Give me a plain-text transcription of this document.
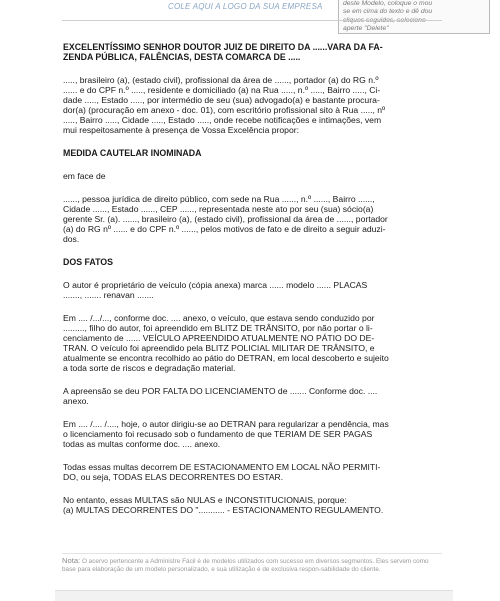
COLE AQUI A LOGO DA SUA EMPRESA	deste Modelo, coloque o mou
se em cima do texto e dê dou
cliques seguidos, selecione
aperte "Delete"

EXCELENTÍSSIMO SENHOR DOUTOR JUIZ DE DIREITO DA ......VARA DA FA-
ZENDA PÚBLICA, FALÊNCIAS, DESTA COMARCA DE .....

....., brasileiro (a), (estado civil), profissional da área de ......, portador (a) do RG n.º
...... e do CPF n.º ....., residente e domiciliado (a) na Rua ....., n.º ....., Bairro ....., Ci-
dade ....., Estado ....., por intermédio de seu (sua) advogado(a) e bastante procura-
dor(a) (procuração em anexo - doc. 01), com escritório profissional sito à Rua ....., nº
....., Bairro ....., Cidade ....., Estado ....., onde recebe notificações e intimações, vem
mui respeitosamente à presença de Vossa Excelência propor:

MEDIDA CAUTELAR INOMINADA

em face de

......, pessoa jurídica de direito público, com sede na Rua ......, n.º ......, Bairro ......,
Cidade ......, Estado ......, CEP ......, representada neste ato por seu (sua) sócio(a)
gerente Sr. (a). ......, brasileiro (a), (estado civil), profissional da área de ......, portador
(a) do RG nº ...... e do CPF n.º ......, pelos motivos de fato e de direito a seguir aduzi-
dos.

DOS FATOS

O autor é proprietário de veículo (cópia anexa) marca ...... modelo ...... PLACAS
......., ....... renavan .......

Em .... /.../..., conforme doc. .... anexo, o veículo, que estava sendo conduzido por
........., filho do autor, foi apreendido em BLITZ DE TRÂNSITO, por não portar o li-
cenciamento de ...... VEÍCULO APREENDIDO ATUALMENTE NO PÁTIO DO DE-
TRAN. O veículo foi apreendido pela BLITZ POLICIAL MILITAR DE TRÂNSITO, e
atualmente se encontra recolhido ao pátio do DETRAN, em local descoberto e sujeito
a toda sorte de riscos e degradação material.

A apreensão se deu POR FALTA DO LICENCIAMENTO de ....... Conforme doc. ....
anexo.

Em .... /.... /...., hoje, o autor dirigiu-se ao DETRAN para regularizar a pendência, mas
o licenciamento foi recusado sob o fundamento de que TERIAM DE SER PAGAS
todas as multas conforme doc. .... anexo.

Todas essas multas decorrem DE ESTACIONAMENTO EM LOCAL NÃO PERMITI-
DO, ou seja, TODAS ELAS DECORRENTES DO ESTAR.

No entanto, essas MULTAS são NULAS e INCONSTITUCIONAIS, porque:
(a) MULTAS DECORRENTES DO "........... - ESTACIONAMENTO REGULAMENTO.

Nota: O acervo pertencente a Administre Fácil é de modelos utilizados com sucesso em diversos segmentos. Eles servem como base para elaboração de um modelo personalizado, e sua utilização é de exclusiva respon-sabilidade do cliente.
